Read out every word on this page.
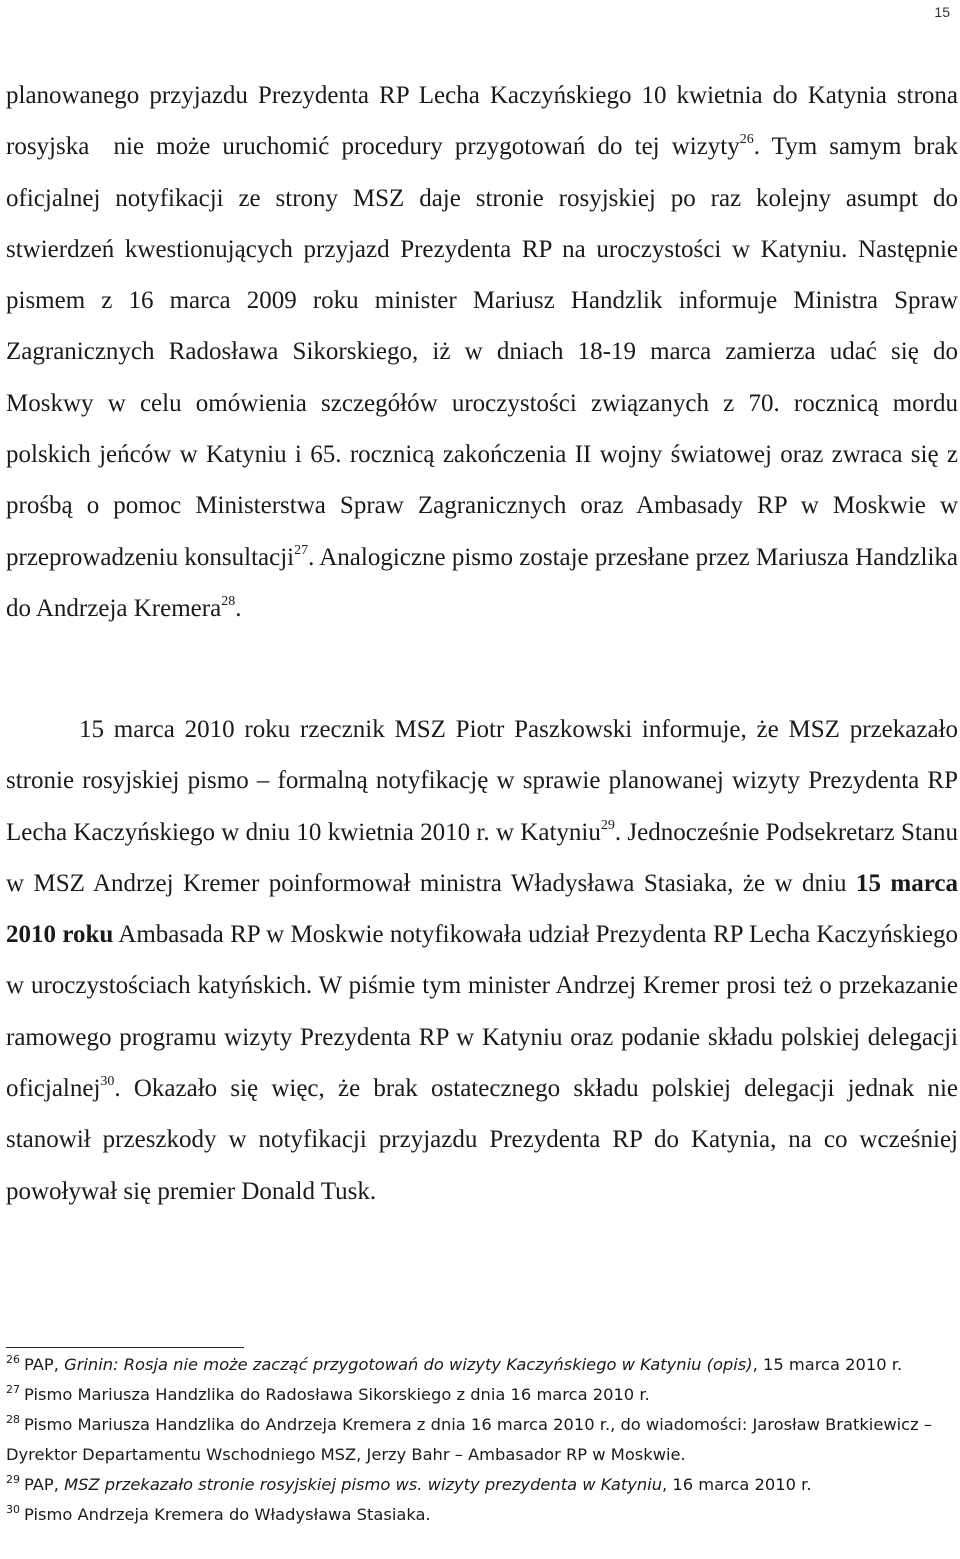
15

planowanego przyjazdu Prezydenta RP Lecha Kaczyńskiego 10 kwietnia do Katynia strona rosyjska  nie może uruchomić procedury przygotowań do tej wizyty$^{26}$. Tym samym brak oficjalnej notyfikacji ze strony MSZ daje stronie rosyjskiej po raz kolejny asumpt do stwierdzeń kwestionujących przyjazd Prezydenta RP na uroczystości w Katyniu. Następnie pismem z 16 marca 2009 roku minister Mariusz Handzlik informuje Ministra Spraw Zagranicznych Radosława Sikorskiego, iż w dniach 18-19 marca zamierza udać się do Moskwy w celu omówienia szczegółów uroczystości związanych z 70. rocznicą mordu polskich jeńców w Katyniu i 65. rocznicą zakończenia II wojny światowej oraz zwraca się z prośbą o pomoc Ministerstwa Spraw Zagranicznych oraz Ambasady RP w Moskwie w przeprowadzeniu konsultacji$^{27}$. Analogiczne pismo zostaje przesłane przez Mariusza Handzlika do Andrzeja Kremera$^{28}$.

15 marca 2010 roku rzecznik MSZ Piotr Paszkowski informuje, że MSZ przekazało stronie rosyjskiej pismo – formalną notyfikację w sprawie planowanej wizyty Prezydenta RP Lecha Kaczyńskiego w dniu 10 kwietnia 2010 r. w Katyniu$^{29}$. Jednocześnie Podsekretarz Stanu w MSZ Andrzej Kremer poinformował ministra Władysława Stasiaka, że w dniu 15 marca 2010 roku Ambasada RP w Moskwie notyfikowała udział Prezydenta RP Lecha Kaczyńskiego w uroczystościach katyńskich. W piśmie tym minister Andrzej Kremer prosi też o przekazanie ramowego programu wizyty Prezydenta RP w Katyniu oraz podanie składu polskiej delegacji oficjalnej$^{30}$. Okazało się więc, że brak ostatecznego składu polskiej delegacji jednak nie stanowił przeszkody w notyfikacji przyjazdu Prezydenta RP do Katynia, na co wcześniej powoływał się premier Donald Tusk.

$^{26}$ PAP, Grinin: Rosja nie może zacząć przygotowań do wizyty Kaczyńskiego w Katyniu (opis), 15 marca 2010 r.

$^{27}$ Pismo Mariusza Handzlika do Radosława Sikorskiego z dnia 16 marca 2010 r.

$^{28}$ Pismo Mariusza Handzlika do Andrzeja Kremera z dnia 16 marca 2010 r., do wiadomości: Jarosław Bratkiewicz – Dyrektor Departamentu Wschodniego MSZ, Jerzy Bahr – Ambasador RP w Moskwie.

$^{29}$ PAP, MSZ przekazało stronie rosyjskiej pismo ws. wizyty prezydenta w Katyniu, 16 marca 2010 r.

$^{30}$ Pismo Andrzeja Kremera do Władysława Stasiaka.
